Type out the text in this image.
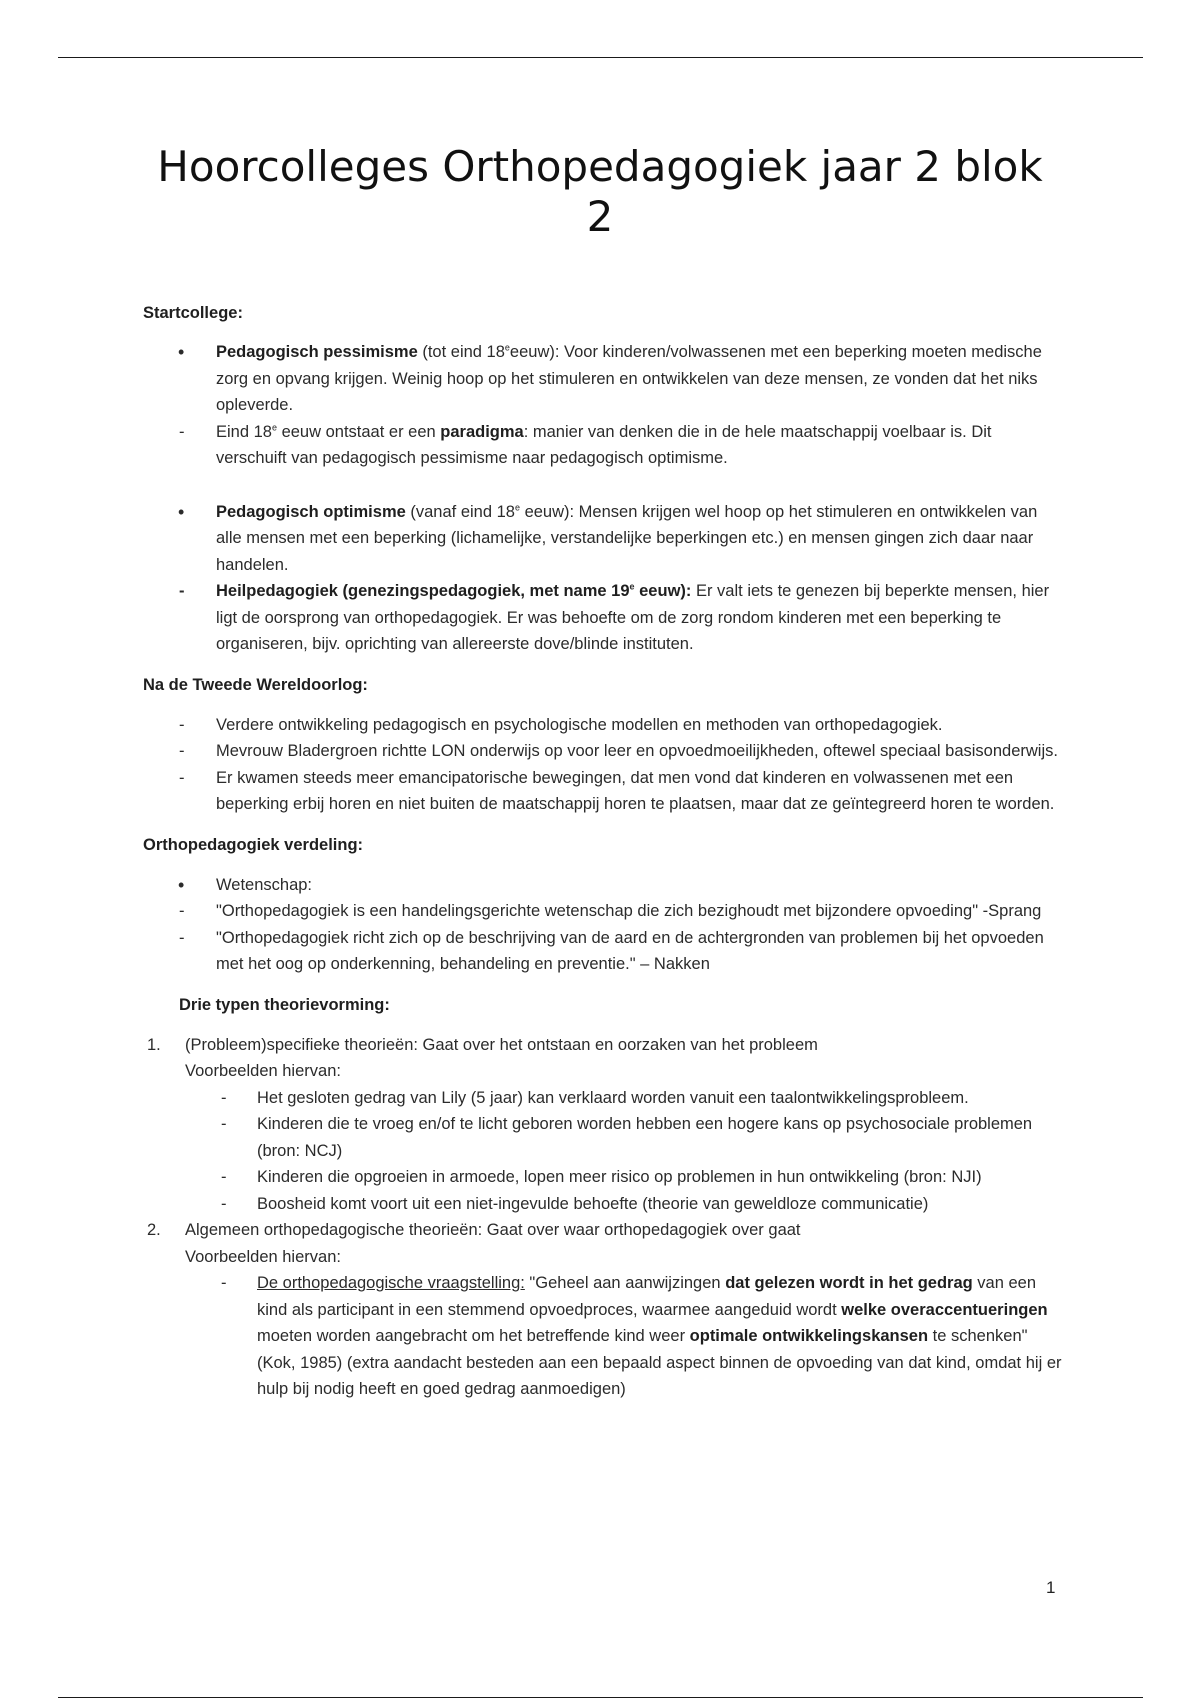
Hoorcolleges Orthopedagogiek jaar 2 blok 2

Startcollege:

•	Pedagogisch pessimisme (tot eind 18eeeuw): Voor kinderen/volwassenen met een beperking moeten medische zorg en opvang krijgen. Weinig hoop op het stimuleren en ontwikkelen van deze mensen, ze vonden dat het niks opleverde.

-	Eind 18e eeuw ontstaat er een paradigma: manier van denken die in de hele maatschappij voelbaar is. Dit verschuift van pedagogisch pessimisme naar pedagogisch optimisme.

•	Pedagogisch optimisme (vanaf eind 18e eeuw): Mensen krijgen wel hoop op het stimuleren en ontwikkelen van alle mensen met een beperking (lichamelijke, verstandelijke beperkingen etc.) en mensen gingen zich daar naar handelen.

-	Heilpedagogiek (genezingspedagogiek, met name 19e eeuw): Er valt iets te genezen bij beperkte mensen, hier ligt de oorsprong van orthopedagogiek. Er was behoefte om de zorg rondom kinderen met een beperking te organiseren, bijv. oprichting van allereerste dove/blinde instituten.

Na de Tweede Wereldoorlog:

-	Verdere ontwikkeling pedagogisch en psychologische modellen en methoden van orthopedagogiek.

-	Mevrouw Bladergroen richtte LON onderwijs op voor leer en opvoedmoeilijkheden, oftewel speciaal basisonderwijs.

-	Er kwamen steeds meer emancipatorische bewegingen, dat men vond dat kinderen en volwassenen met een beperking erbij horen en niet buiten de maatschappij horen te plaatsen, maar dat ze geïntegreerd horen te worden.

Orthopedagogiek verdeling:

•	Wetenschap:

-	"Orthopedagogiek is een handelingsgerichte wetenschap die zich bezighoudt met bijzondere opvoeding" -Sprang

-	"Orthopedagogiek richt zich op de beschrijving van de aard en de achtergronden van problemen bij het opvoeden met het oog op onderkenning, behandeling en preventie." – Nakken

Drie typen theorievorming:

1. (Probleem)specifieke theorieën: Gaat over het ontstaan en oorzaken van het probleem
Voorbeelden hiervan:

-	Het gesloten gedrag van Lily (5 jaar) kan verklaard worden vanuit een taalontwikkelingsprobleem.

-	Kinderen die te vroeg en/of te licht geboren worden hebben een hogere kans op psychosociale problemen (bron: NCJ)

-	Kinderen die opgroeien in armoede, lopen meer risico op problemen in hun ontwikkeling (bron: NJI)

-	Boosheid komt voort uit een niet-ingevulde behoefte (theorie van geweldloze communicatie)

2. Algemeen orthopedagogische theorieën: Gaat over waar orthopedagogiek over gaat
Voorbeelden hiervan:

-	De orthopedagogische vraagstelling: "Geheel aan aanwijzingen dat gelezen wordt in het gedrag van een kind als participant in een stemmend opvoedproces, waarmee aangeduid wordt welke overaccentueringen moeten worden aangebracht om het betreffende kind weer optimale ontwikkelingskansen te schenken" (Kok, 1985) (extra aandacht besteden aan een bepaald aspect binnen de opvoeding van dat kind, omdat hij er hulp bij nodig heeft en goed gedrag aanmoedigen)

1
